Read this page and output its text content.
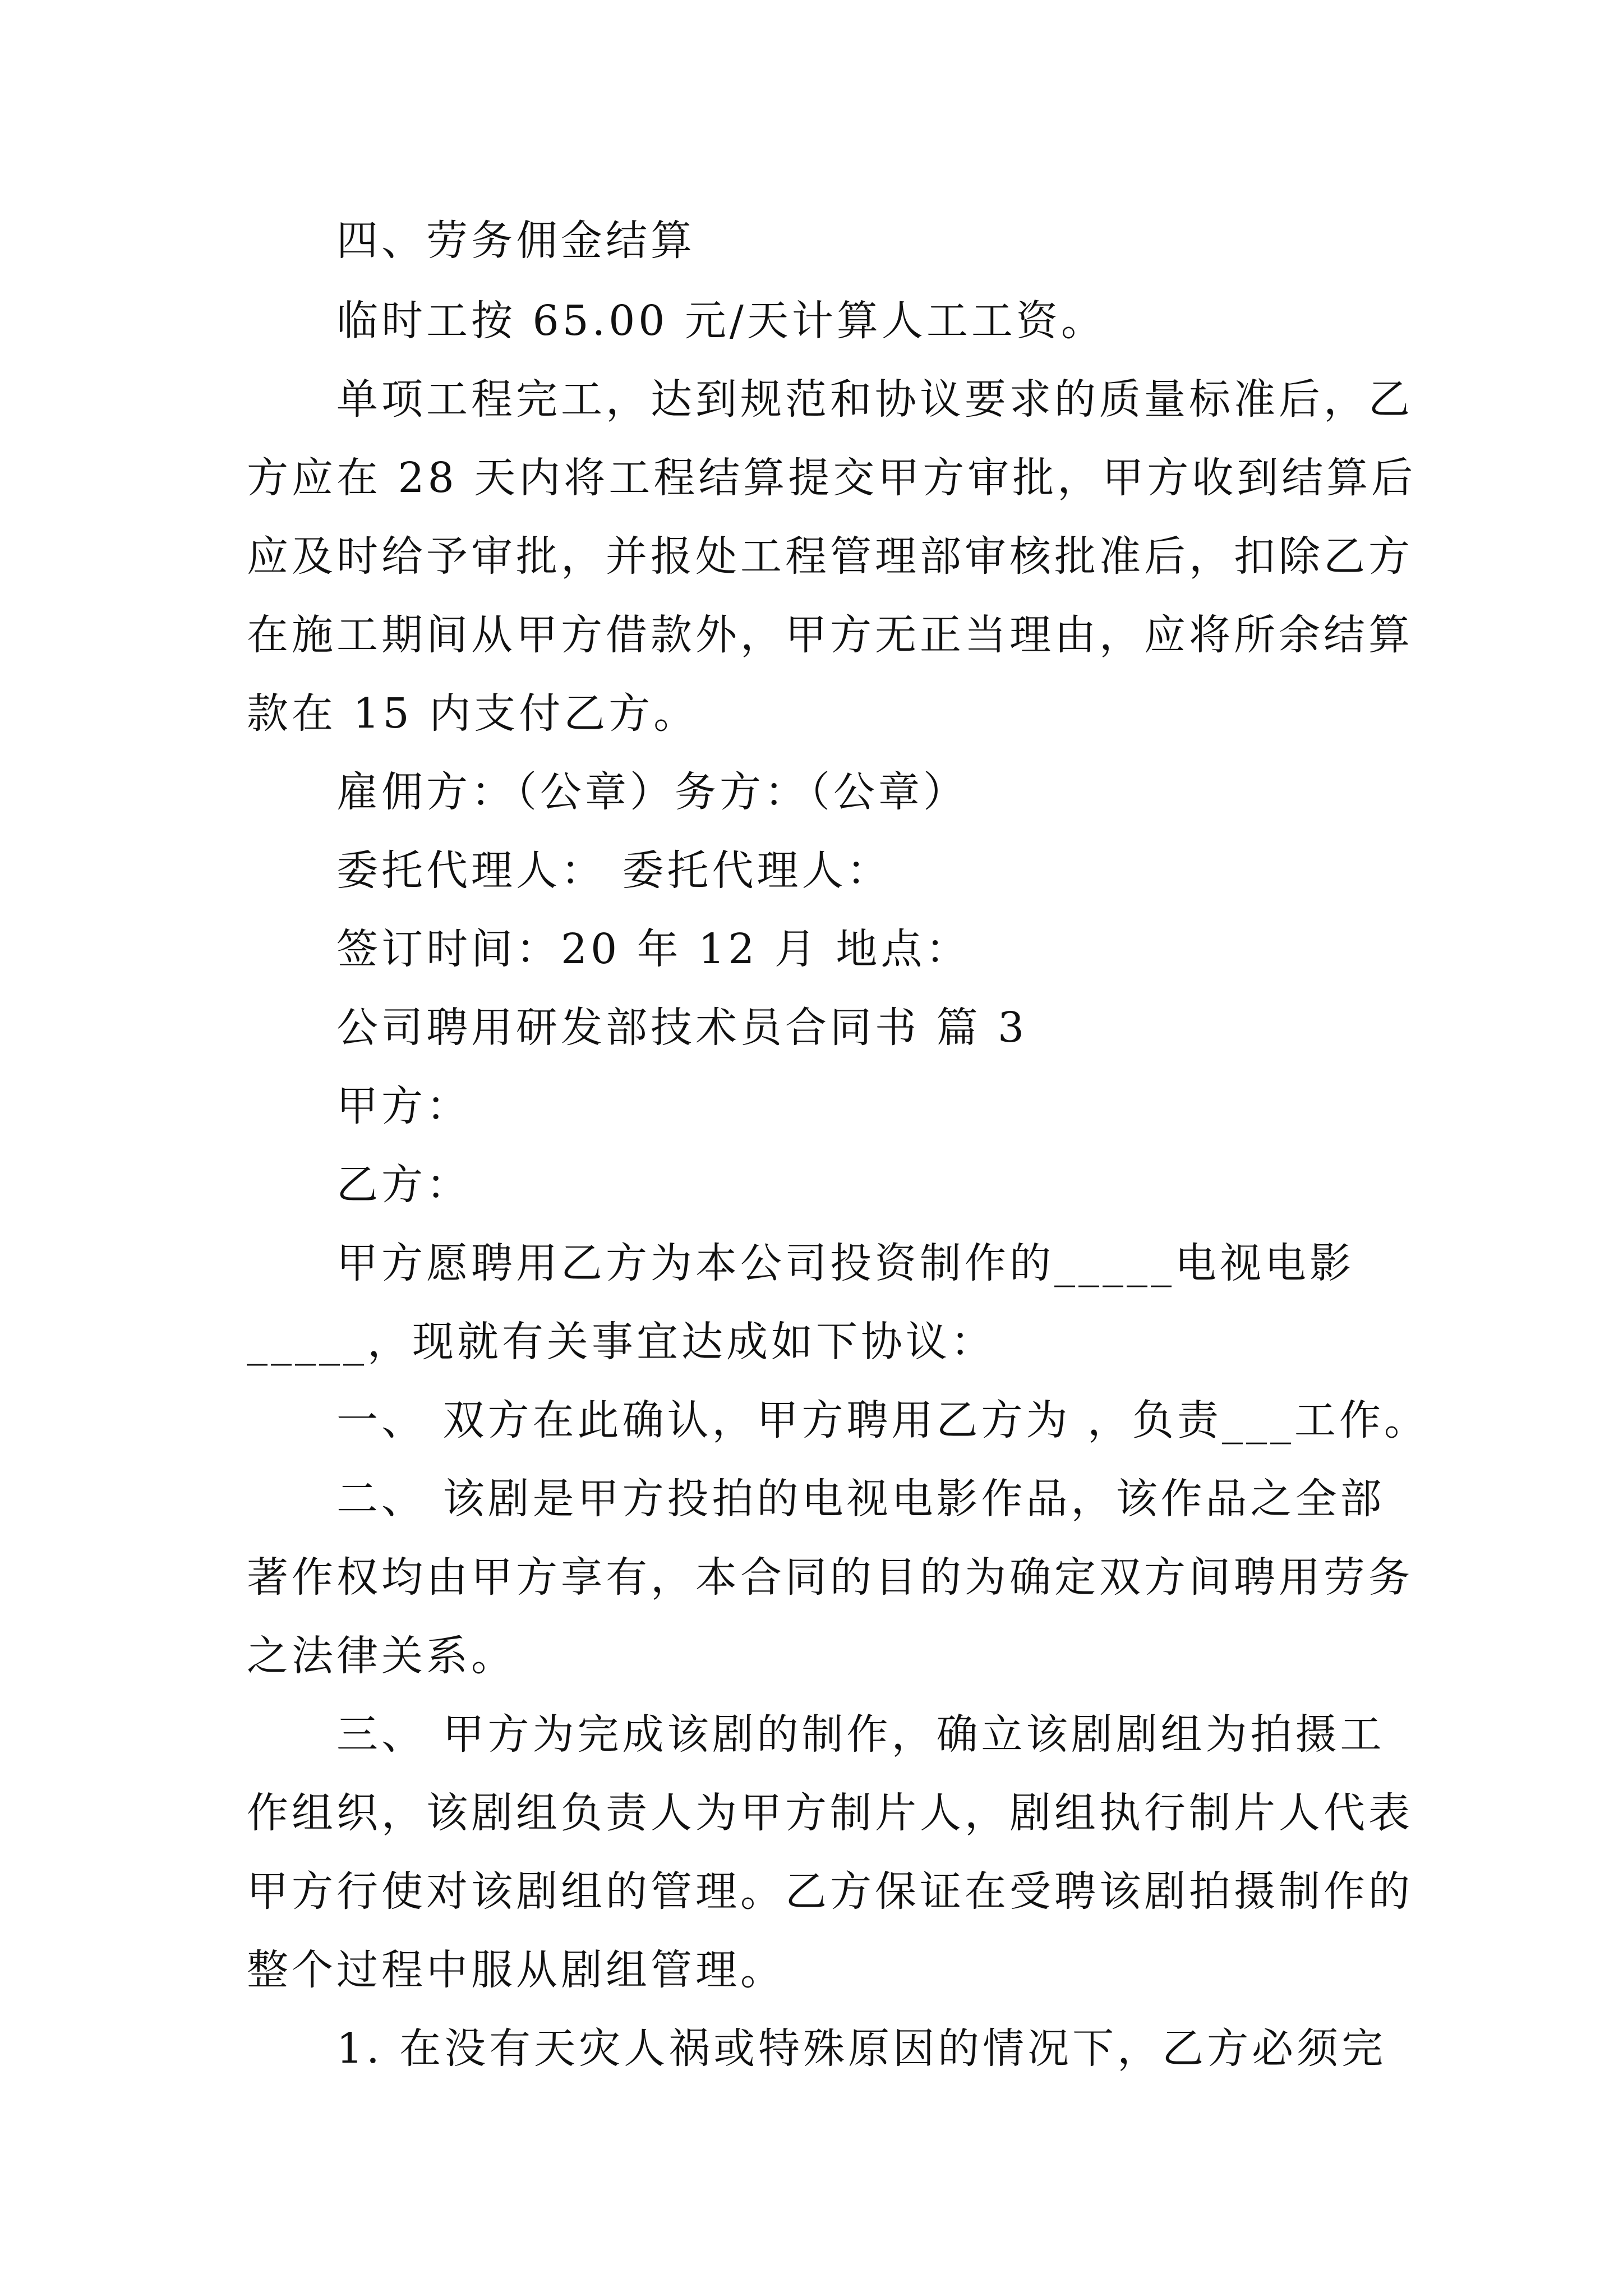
四、劳务佣金结算
临时工按 65.00 元/天计算人工工资。
单项工程完工，达到规范和协议要求的质量标准后，乙
方应在 28 天内将工程结算提交甲方审批，甲方收到结算后
应及时给予审批，并报处工程管理部审核批准后，扣除乙方
在施工期间从甲方借款外，甲方无正当理由，应将所余结算
款在 15 内支付乙方。
雇佣方：（公章）务方：（公章）
委托代理人： 委托代理人：
签订时间：20 年 12 月 地点：
公司聘用研发部技术员合同书 篇 3
甲方：
乙方：
甲方愿聘用乙方为本公司投资制作的_____电视电影
_____，现就有关事宜达成如下协议：
一、 双方在此确认，甲方聘用乙方为 ，负责___工作。
二、 该剧是甲方投拍的电视电影作品，该作品之全部
著作权均由甲方享有，本合同的目的为确定双方间聘用劳务
之法律关系。
三、 甲方为完成该剧的制作，确立该剧剧组为拍摄工
作组织，该剧组负责人为甲方制片人，剧组执行制片人代表
甲方行使对该剧组的管理。乙方保证在受聘该剧拍摄制作的
整个过程中服从剧组管理。
1. 在没有天灾人祸或特殊原因的情况下，乙方必须完
